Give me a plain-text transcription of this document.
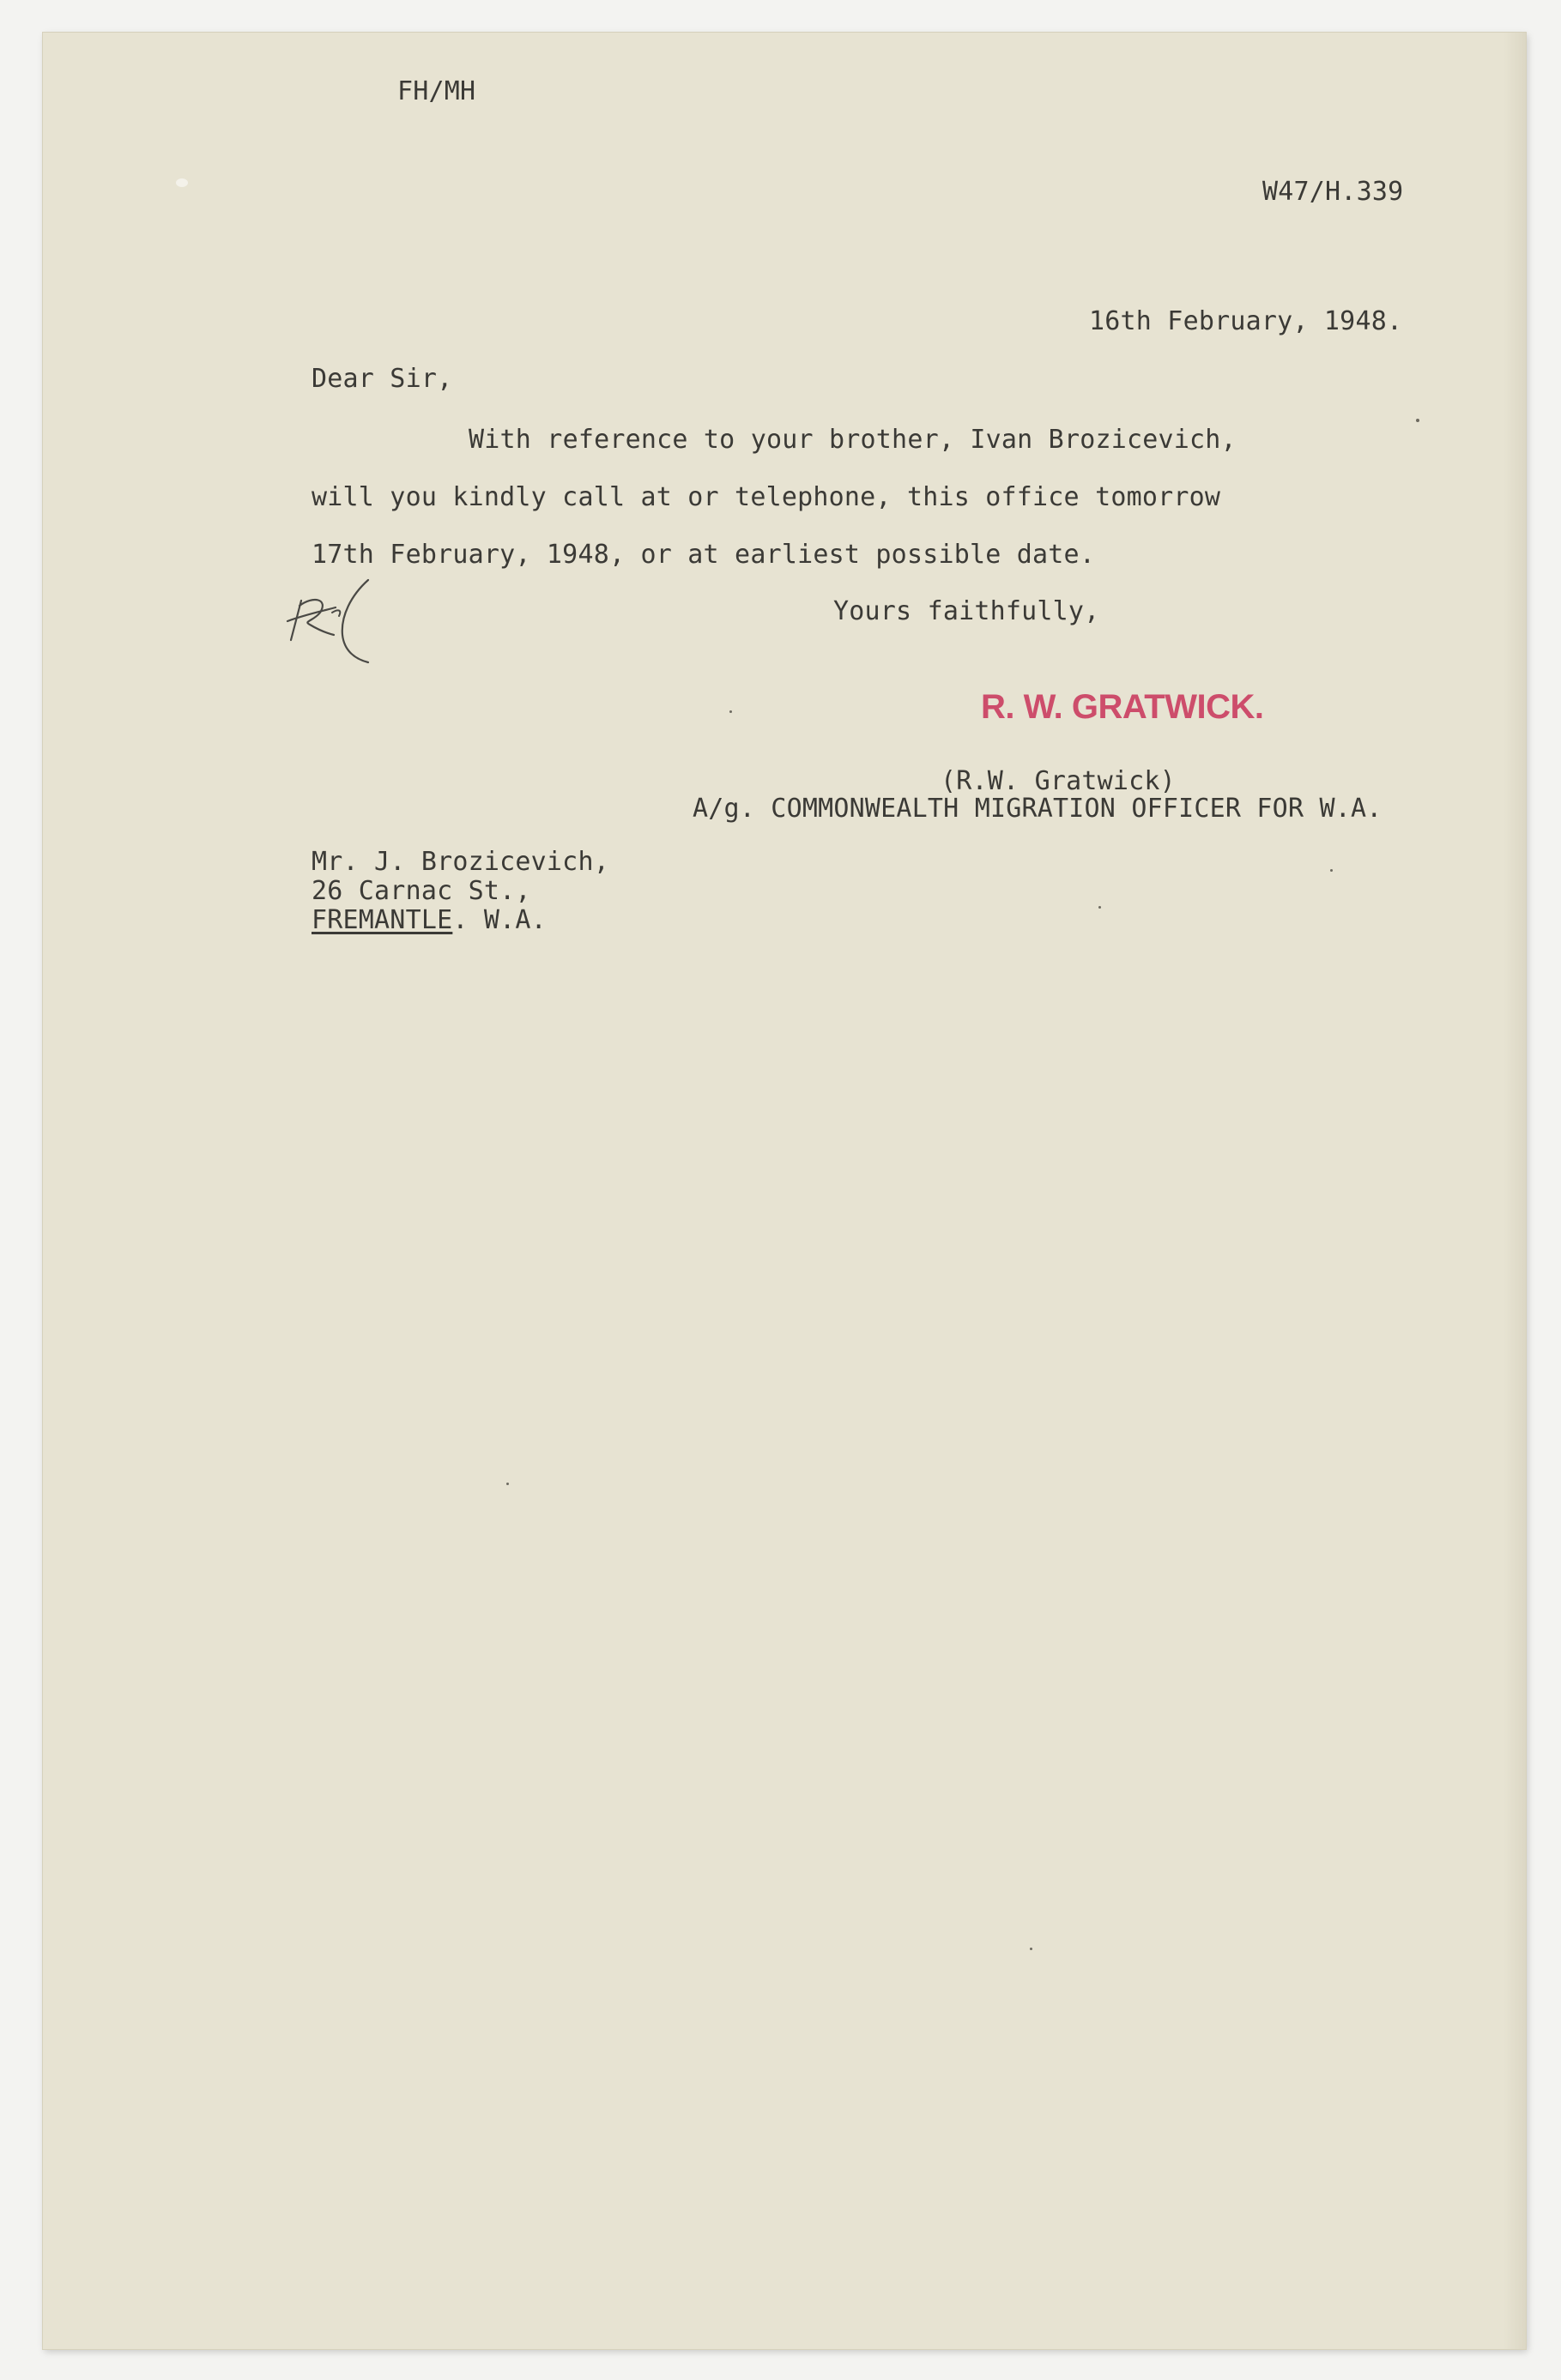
FH/MH
W47/H.339
16th February, 1948.
Dear Sir,
With reference to your brother, Ivan Brozicevich,
will you kindly call at or telephone, this office tomorrow
17th February, 1948, or at earliest possible date.
Yours faithfully,
R. W. GRATWICK.
(R.W. Gratwick)
A/g. COMMONWEALTH MIGRATION OFFICER FOR W.A.
Mr. J. Brozicevich,
26 Carnac St.,
FREMANTLE. W.A.
